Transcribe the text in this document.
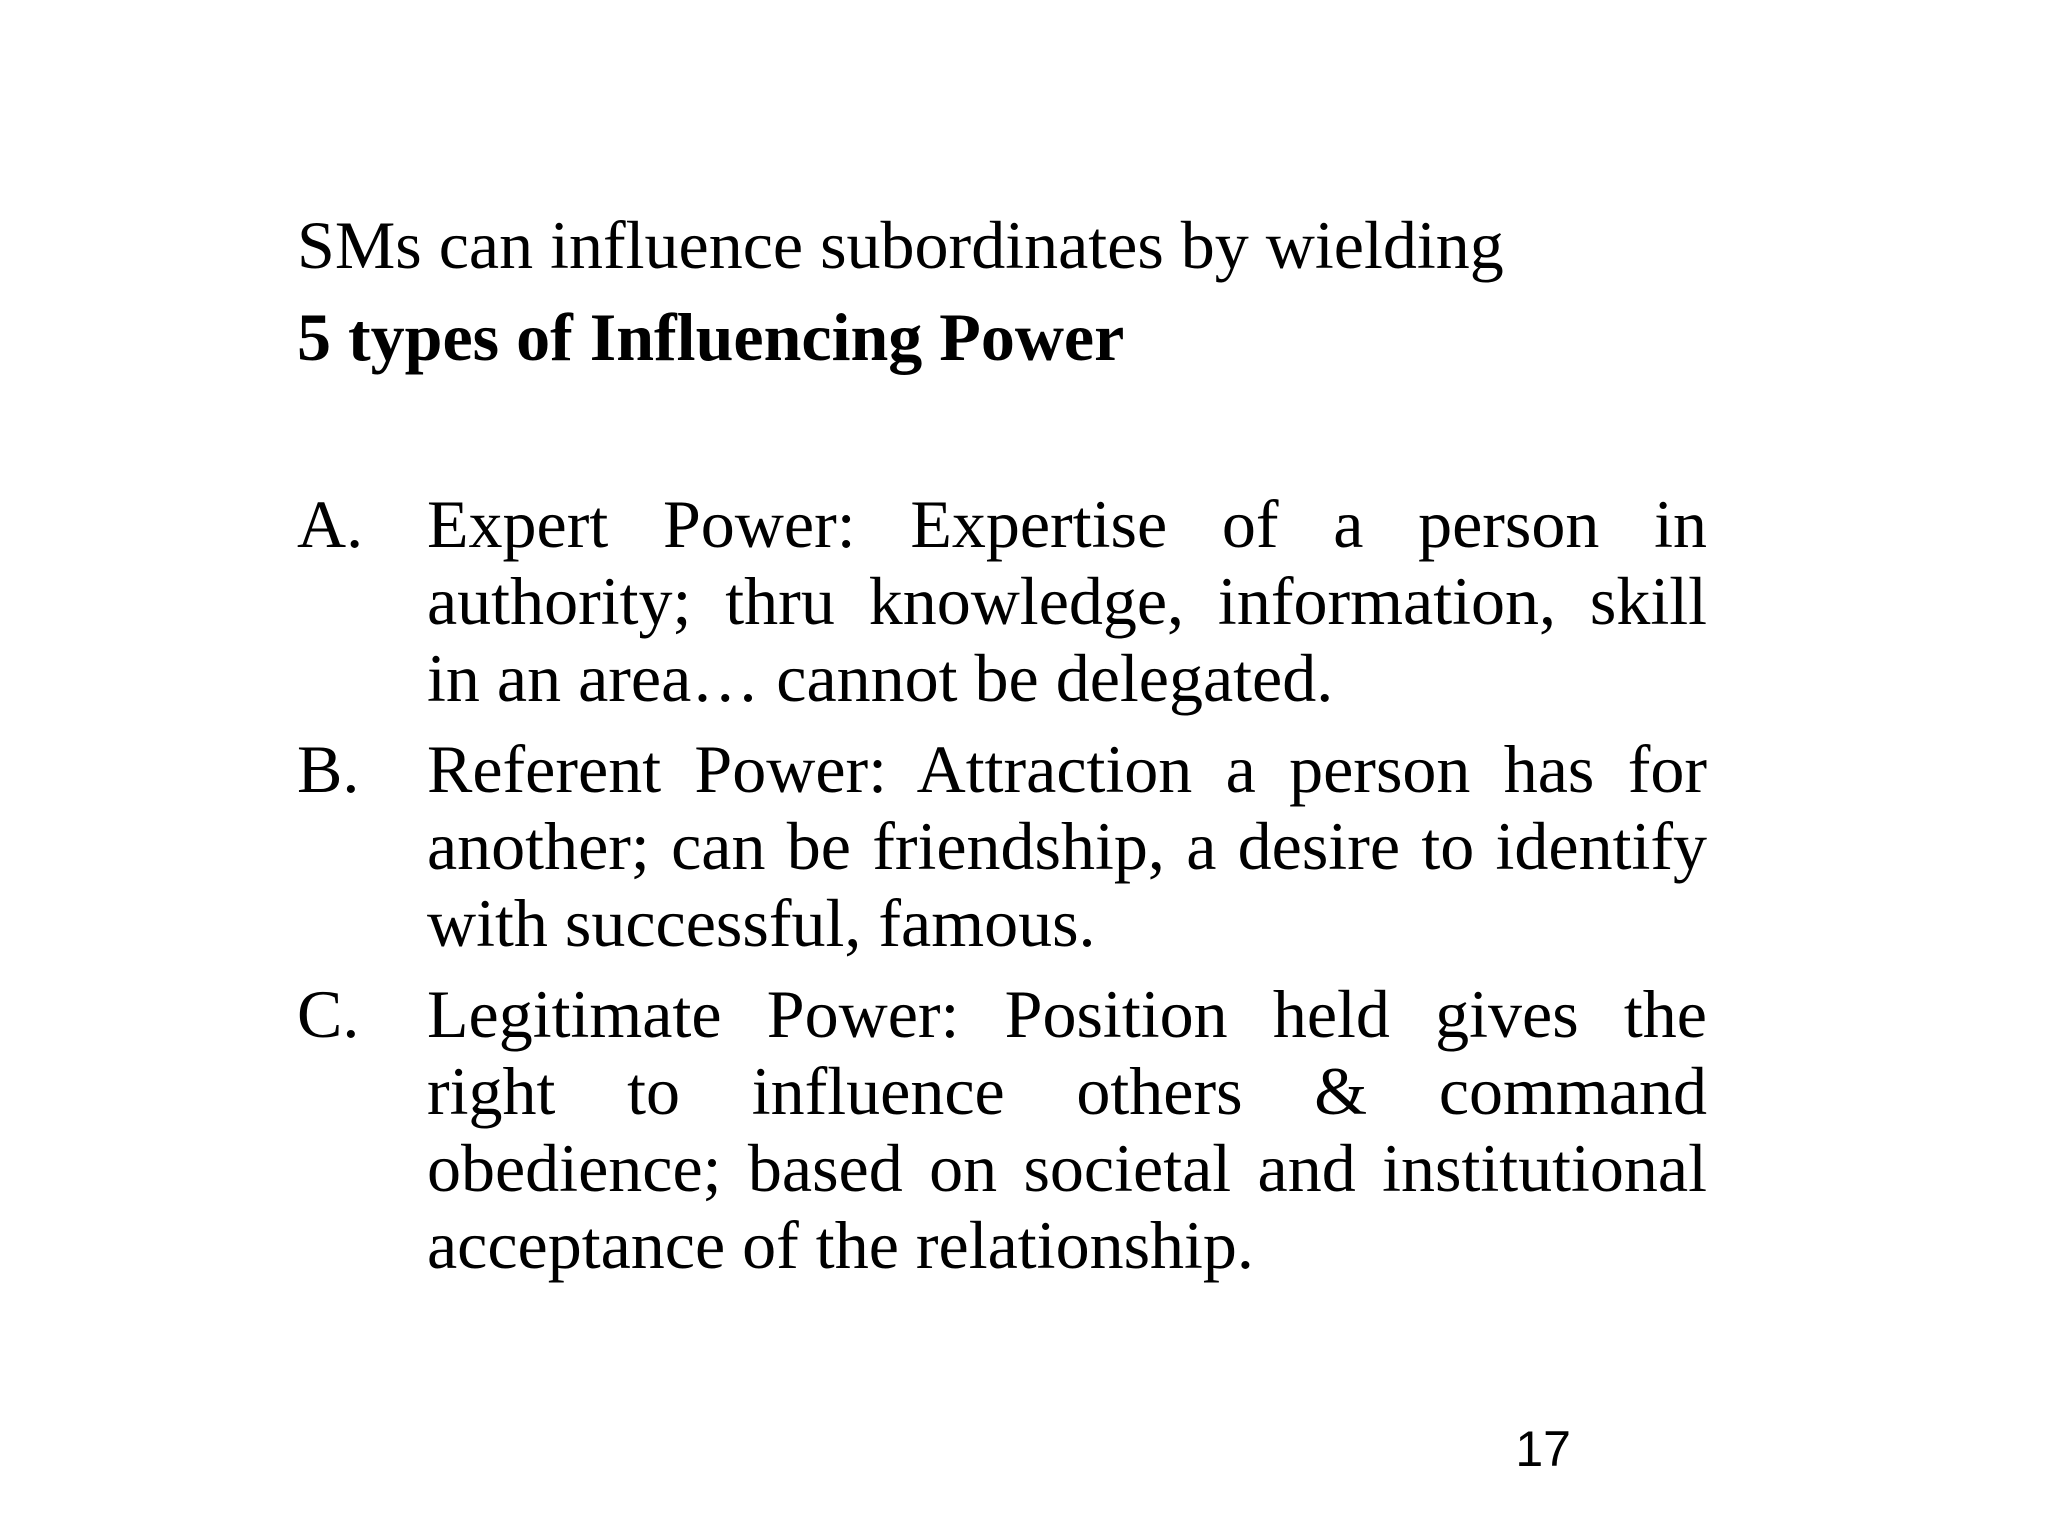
SMs can influence subordinates by wielding

5 types of Influencing Power
A. Expert Power: Expertise of a person in authority; thru knowledge, information, skill in an area… cannot be delegated.
B. Referent Power: Attraction a person has for another; can be friendship, a desire to identify with successful, famous.
C. Legitimate Power: Position held gives the right to influence others & command obedience; based on societal and institutional acceptance of the relationship.
17
